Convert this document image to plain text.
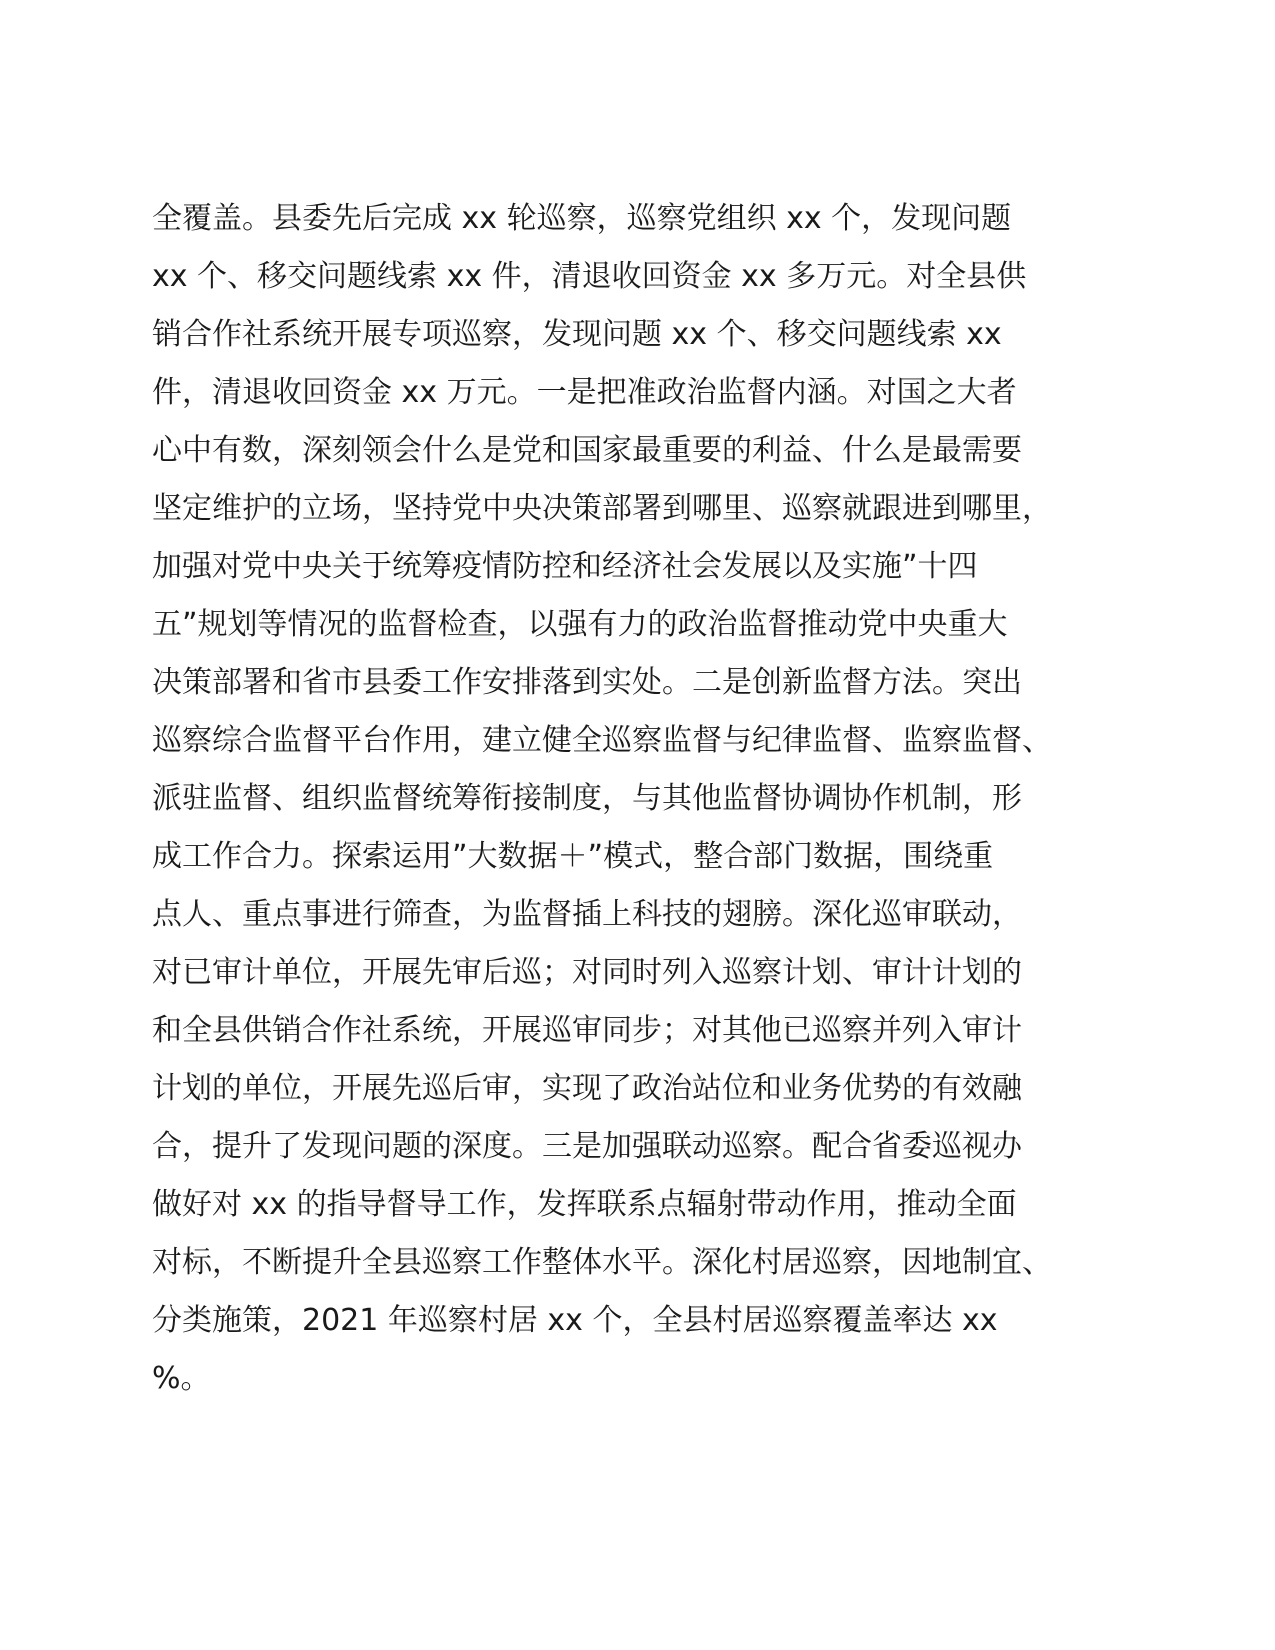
全覆盖。县委先后完成 xx 轮巡察，巡察党组织 xx 个，发现问题
xx 个、移交问题线索 xx 件，清退收回资金 xx 多万元。对全县供
销合作社系统开展专项巡察，发现问题 xx 个、移交问题线索 xx
件，清退收回资金 xx 万元。一是把准政治监督内涵。对国之大者
心中有数，深刻领会什么是党和国家最重要的利益、什么是最需要
坚定维护的立场，坚持党中央决策部署到哪里、巡察就跟进到哪里，
加强对党中央关于统筹疫情防控和经济社会发展以及实施”十四
五”规划等情况的监督检查，以强有力的政治监督推动党中央重大
决策部署和省市县委工作安排落到实处。二是创新监督方法。突出
巡察综合监督平台作用，建立健全巡察监督与纪律监督、监察监督、
派驻监督、组织监督统筹衔接制度，与其他监督协调协作机制，形
成工作合力。探索运用”大数据＋”模式，整合部门数据，围绕重
点人、重点事进行筛查，为监督插上科技的翅膀。深化巡审联动，
对已审计单位，开展先审后巡；对同时列入巡察计划、审计计划的
和全县供销合作社系统，开展巡审同步；对其他已巡察并列入审计
计划的单位，开展先巡后审，实现了政治站位和业务优势的有效融
合，提升了发现问题的深度。三是加强联动巡察。配合省委巡视办
做好对 xx 的指导督导工作，发挥联系点辐射带动作用，推动全面
对标，不断提升全县巡察工作整体水平。深化村居巡察，因地制宜、
分类施策，2021 年巡察村居 xx 个，全县村居巡察覆盖率达 xx
%。
